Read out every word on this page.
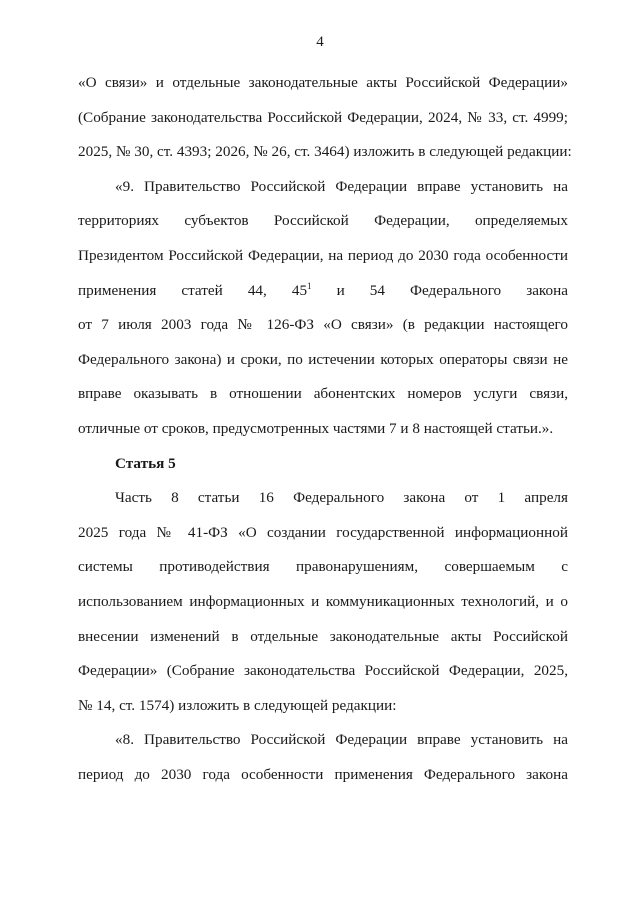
4
«О связи» и отдельные законодательные акты Российской Федерации»
(Собрание законодательства Российской Федерации, 2024, № 33, ст. 4999;
2025, № 30, ст. 4393; 2026, № 26, ст. 3464) изложить в следующей редакции:
«9. Правительство Российской Федерации вправе установить на
территориях субъектов Российской Федерации, определяемых
Президентом Российской Федерации, на период до 2030 года особенности
применения статей 44, $45^1$ и 54 Федерального закона
от 7 июля 2003 года № 126-ФЗ «О связи» (в редакции настоящего
Федерального закона) и сроки, по истечении которых операторы связи не
вправе оказывать в отношении абонентских номеров услуги связи,
отличные от сроков, предусмотренных частями 7 и 8 настоящей статьи.».
Статья 5
Часть 8 статьи 16 Федерального закона от 1 апреля
2025 года № 41-ФЗ «О создании государственной информационной
системы противодействия правонарушениям, совершаемым с
использованием информационных и коммуникационных технологий, и о
внесении изменений в отдельные законодательные акты Российской
Федерации» (Собрание законодательства Российской Федерации, 2025,
№ 14, ст. 1574) изложить в следующей редакции:
«8. Правительство Российской Федерации вправе установить на
период до 2030 года особенности применения Федерального закона
